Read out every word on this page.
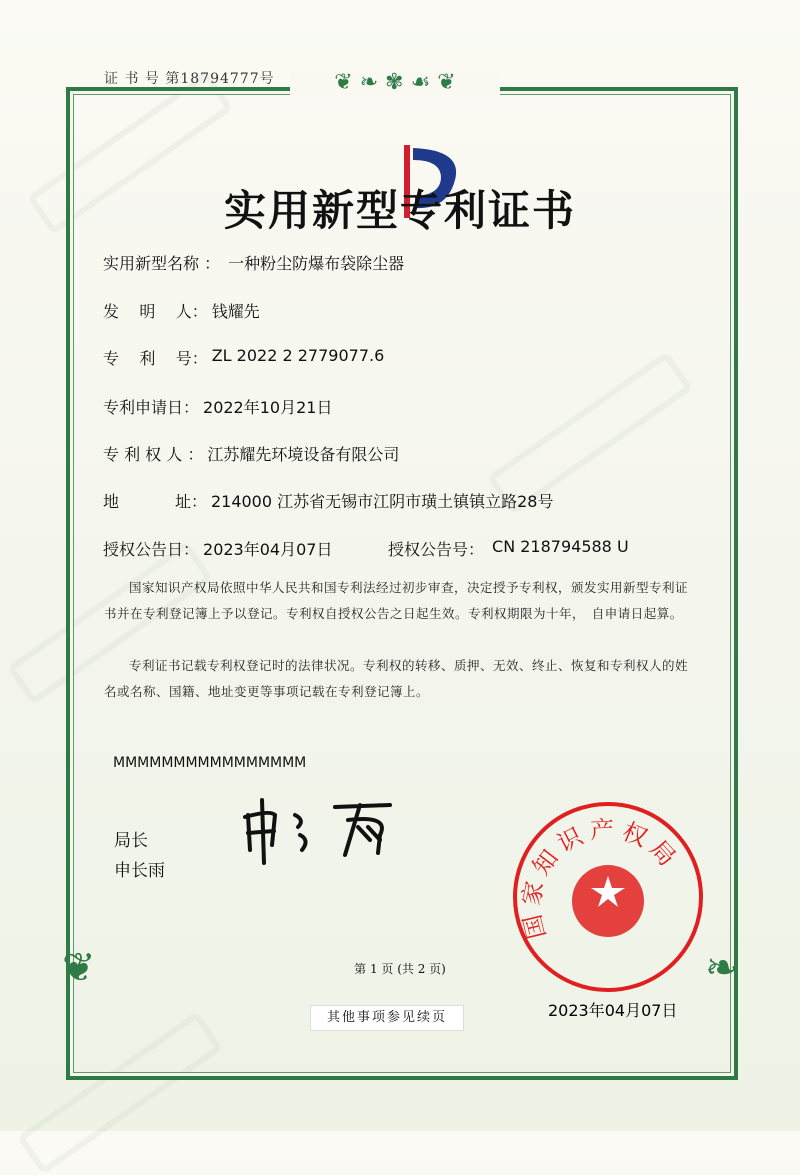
❦ ❧ ✾ ☙ ❦
❦	❧
证 书 号 第18794777号
实用新型专利证书
实用新型名称 ： 一种粉尘防爆布袋除尘器
发    明    人： 钱耀先
专    利    号： ZL 2022 2 2779077.6
专利申请日： 2022年10月21日
专 利 权 人 ： 江苏耀先环境设备有限公司
地           址： 214000 江苏省无锡市江阴市璜土镇镇立路28号
授权公告日： 2023年04月07日	授权公告号： CN 218794588 U

国家知识产权局依照中华人民共和国专利法经过初步审查，决定授予专利权，颁发实用新型专利证书并在专利登记簿上予以登记。专利权自授权公告之日起生效。专利权期限为十年，　自申请日起算。

专利证书记载专利权登记时的法律状况。专利权的转移、质押、无效、终止、恢复和专利权人的姓名或名称、国籍、地址变更等事项记载在专利登记簿上。

MMMMMMMMMMMMMMMM
局长
申长雨
国家知识产权局
2023年04月07日
第 1 页 (共 2 页)
其他事项参见续页
